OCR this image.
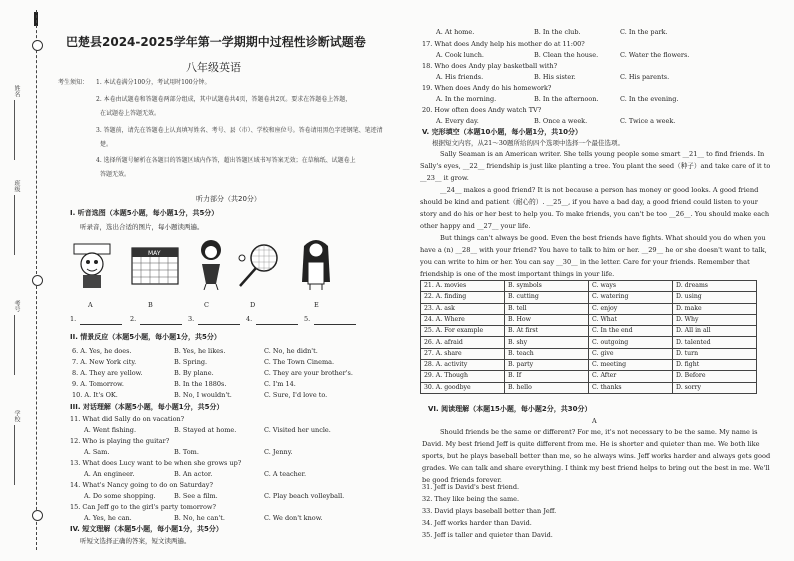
姓名
班级
考号
学校
巴楚县2024-2025学年第一学期期中过程性诊断试题卷
八年级英语
考生须知： 1. 本试卷满分100分，考试用时100分钟。
2. 本卷由试题卷和答题卷两部分组成，其中试题卷共4页，答题卷共2页。要求在答题卷上答题，
在试题卷上答题无效。
3. 答题前，请先在答题卷上认真填写姓名、考号、县（市）、学校和座位号。答卷请用黑色字迹钢笔、笔迹清
楚。
4. 选择所题号解析在各题目的答题区域内作答，超出答题区域书写答案无效；在草稿纸、试题卷上
答题无效。
听力部分（共20分）
I. 听音选图（本题5小题，每小题1分，共5分）
听录音，选出合适的图片，每小题读两遍。
MAY
A	B	C	D	E
1.	2.	3.	4.	5.
II. 情景反应（本题5小题，每小题1分，共5分）
6. A. Yes, he does.	B. Yes, he likes.	C. No, he didn't.
7. A. New York city.	B. Spring.	C. The Town Cinema.
8. A. They are yellow.	B. By plane.	C. They are your brother's.
9. A. Tomorrow.	B. In the 1880s.	C. I'm 14.
10. A. It's OK.	B. No, I wouldn't.	C. Sure, I'd love to.
III. 对话理解（本题5小题，每小题1分，共5分）
11. What did Sally do on vacation?
A. Went fishing.	B. Stayed at home.	C. Visited her uncle.
12. Who is playing the guitar?
A. Sam.	B. Tom.	C. Jenny.
13. What does Lucy want to be when she grows up?
A. An engineer.	B. An actor.	C. A teacher.
14. What's Nancy going to do on Saturday?
A. Do some shopping.	B. See a film.	C. Play beach volleyball.
15. Can Jeff go to the girl's party tomorrow?
A. Yes, he can.	B. No, he can't.	C. We don't know.
IV. 短文理解（本题5小题，每小题1分，共5分）
听短文选择正确的答案，短文读两遍。
A. At home.	B. In the club.	C. In the park.
17. What does Andy help his mother do at 11:00?
A. Cook lunch.	B. Clean the house.	C. Water the flowers.
18. Who does Andy play basketball with?
A. His friends.	B. His sister.	C. His parents.
19. When does Andy do his homework?
A. In the morning.	B. In the afternoon.	C. In the evening.
20. How often does Andy watch TV?
A. Every day.	B. Once a week.	C. Twice a week.
V. 完形填空（本题10小题，每小题1分，共10分）
根据短文内容，从21～30题所给的四个选项中选择一个最佳选项。
Sally Seaman is an American writer. She tells young people some smart __21__ to find friends. In Sally's eyes, __22__ friendship is just like planting a tree. You plant the seed（种子）and take care of it to __23__ it grow.
__24__ makes a good friend? It is not because a person has money or good looks. A good friend should be kind and patient（耐心的）. __25__, if you have a bad day, a good friend could listen to your story and do his or her best to help you. To make friends, you can't be too __26__. You should make each other happy and __27__ your life.
But things can't always be good. Even the best friends have fights. What should you do when you have a (n) __28__ with your friend? You have to talk to him or her. __29__ he or she doesn't want to talk, you can write to him or her. You can say __30__ in the letter. Care for your friends. Remember that friendship is one of the most important things in your life.
21. A. movies	B. symbols	C. ways	D. dreams
22. A. finding	B. cutting	C. watering	D. using
23. A. ask	B. tell	C. enjoy	D. make
24. A. Where	B. How	C. What	D. Why
25. A. For example	B. At first	C. In the end	D. All in all
26. A. afraid	B. shy	C. outgoing	D. talented
27. A. share	B. teach	C. give	D. turn
28. A. activity	B. party	C. meeting	D. fight
29. A. Though	B. If	C. After	D. Before
30. A. goodbye	B. hello	C. thanks	D. sorry
VI. 阅读理解（本题15小题，每小题2分，共30分）
A
Should friends be the same or different? For me, it's not necessary to be the same. My name is David. My best friend Jeff is quite different from me. He is shorter and quieter than me. We both like sports, but he plays baseball better than me, so he always wins. Jeff works harder and always gets good grades. We can talk and share everything. I think my best friend helps to bring out the best in me. We'll be good friends forever.
31. Jeff is David's best friend.
32. They like being the same.
33. David plays baseball better than Jeff.
34. Jeff works harder than David.
35. Jeff is taller and quieter than David.
